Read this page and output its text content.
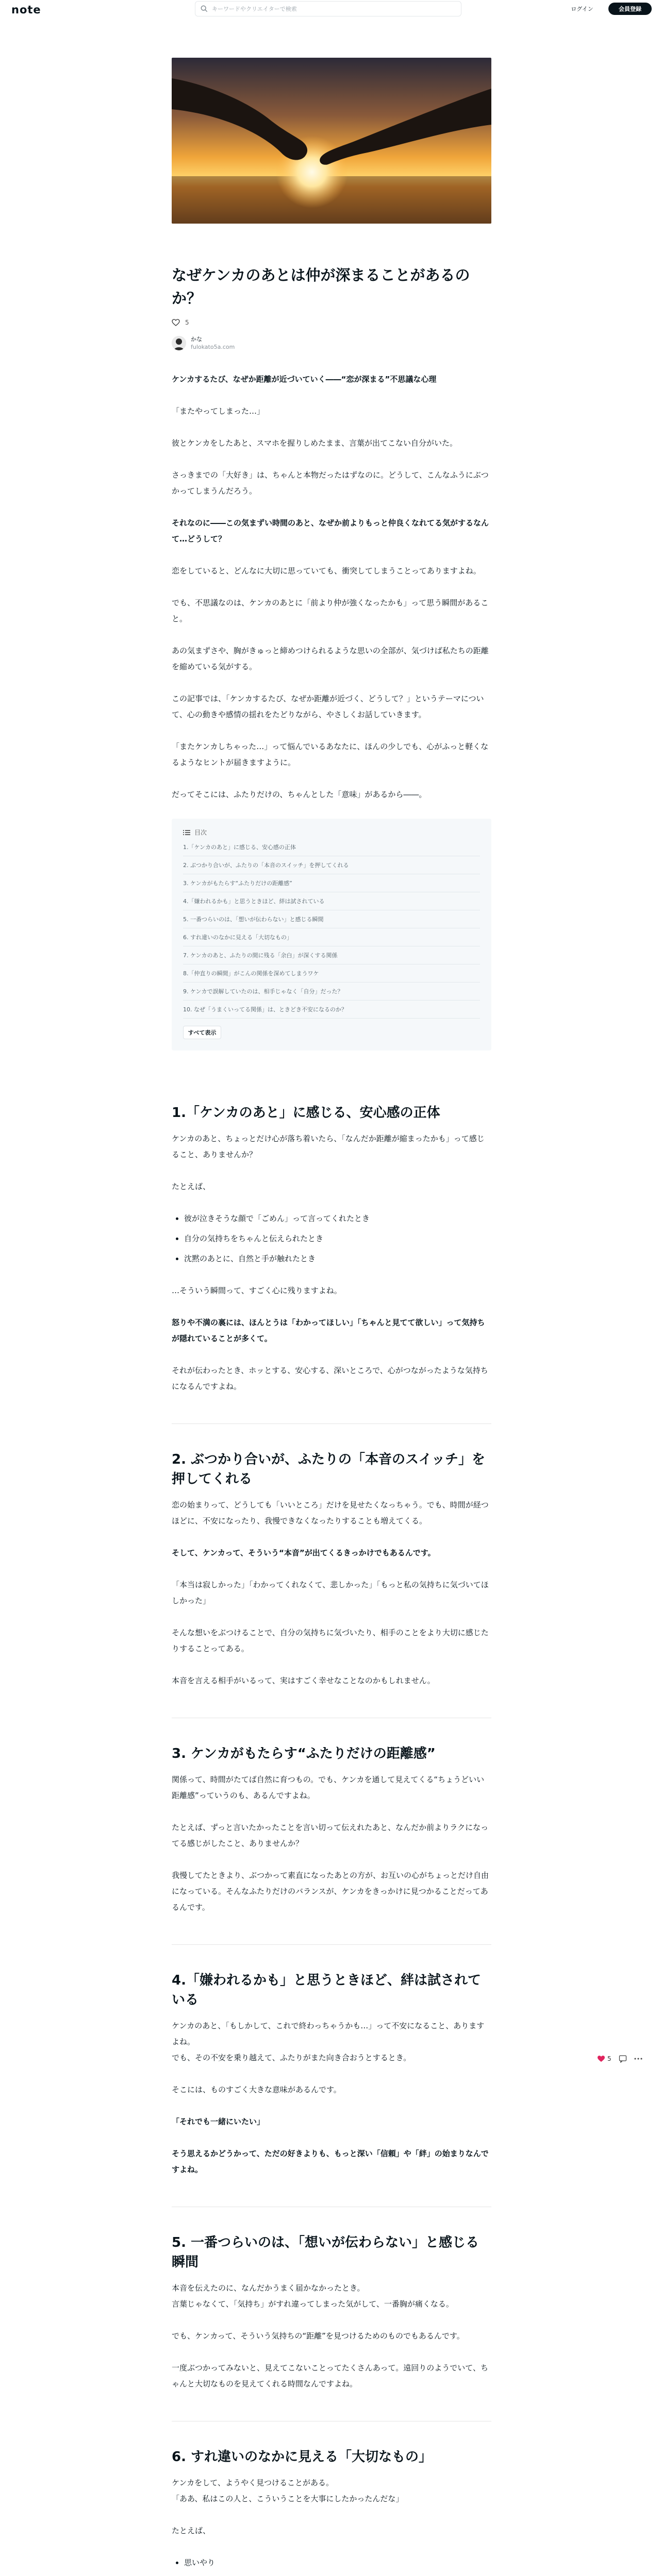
note
キーワードやクリエイターで検索	ログイン	会員登録
なぜケンカのあとは仲が深まることがあるのか？
5
かな
fulokato5a.com

ケンカするたび、なぜか距離が近づいていく――“恋が深まる”不思議な心理

「またやってしまった…」

彼とケンカをしたあと、スマホを握りしめたまま、言葉が出てこない自分がいた。

さっきまでの「大好き」は、ちゃんと本物だったはずなのに。どうして、こんなふうにぶつかってしまうんだろう。

それなのに――この気まずい時間のあと、なぜか前よりもっと仲良くなれてる気がするなんて…どうして？

恋をしていると、どんなに大切に思っていても、衝突してしまうことってありますよね。

でも、不思議なのは、ケンカのあとに「前より仲が強くなったかも」って思う瞬間があること。

あの気まずさや、胸がきゅっと締めつけられるような思いの全部が、気づけば私たちの距離を縮めている気がする。

この記事では、「ケンカするたび、なぜか距離が近づく、どうして？」というテーマについて、心の動きや感情の揺れをたどりながら、やさしくお話していきます。

「またケンカしちゃった…」って悩んでいるあなたに、ほんの少しでも、心がふっと軽くなるようなヒントが届きますように。

だってそこには、ふたりだけの、ちゃんとした「意味」があるから――。

目次
1.「ケンカのあと」に感じる、安心感の正体
2. ぶつかり合いが、ふたりの「本音のスイッチ」を押してくれる
3. ケンカがもたらす“ふたりだけの距離感”
4.「嫌われるかも」と思うときほど、絆は試されている
5. 一番つらいのは、「想いが伝わらない」と感じる瞬間
6. すれ違いのなかに見える「大切なもの」
7. ケンカのあと、ふたりの間に残る「余白」が深くする関係
8.「仲直りの瞬間」がこんの関係を深めてしまうワケ
9. ケンカで誤解していたのは、相手じゃなく「自分」だった？
10. なぜ「うまくいってる関係」は、ときどき不安になるのか？
すべて表示
1.「ケンカのあと」に感じる、安心感の正体

ケンカのあと、ちょっとだけ心が落ち着いたら、「なんだか距離が縮まったかも」って感じること、ありませんか？

たとえば、

• 彼が泣きそうな顔で「ごめん」って言ってくれたとき
• 自分の気持ちをちゃんと伝えられたとき
• 沈黙のあとに、自然と手が触れたとき

…そういう瞬間って、すごく心に残りますよね。

怒りや不満の裏には、ほんとうは「わかってほしい」「ちゃんと見てて欲しい」って気持ちが隠れていることが多くて。

それが伝わったとき、ホッとする、安心する、深いところで、心がつながったような気持ちになるんですよね。

2. ぶつかり合いが、ふたりの「本音のスイッチ」を押してくれる

恋の始まりって、どうしても「いいところ」だけを見せたくなっちゃう。でも、時間が経つほどに、不安になったり、我慢できなくなったりすることも増えてくる。

そして、ケンカって、そういう“本音”が出てくるきっかけでもあるんです。

「本当は寂しかった」「わかってくれなくて、悲しかった」「もっと私の気持ちに気づいてほしかった」

そんな想いをぶつけることで、自分の気持ちに気づいたり、相手のことをより大切に感じたりすることってある。

本音を言える相手がいるって、実はすごく幸せなことなのかもしれません。

3. ケンカがもたらす“ふたりだけの距離感”

関係って、時間がたてば自然に育つもの。でも、ケンカを通して見えてくる“ちょうどいい距離感”っていうのも、あるんですよね。

たとえば、ずっと言いたかったことを言い切って伝えれたあと、なんだか前よりラクになってる感じがしたこと、ありませんか？

我慢してたときより、ぶつかって素直になったあとの方が、お互いの心がちょっとだけ自由になっている。そんなふたりだけのバランスが、ケンカをきっかけに見つかることだってあるんです。

4.「嫌われるかも」と思うときほど、絆は試されている

ケンカのあと、「もしかして、これで終わっちゃうかも…」って不安になること、ありますよね。
でも、その不安を乗り越えて、ふたりがまた向き合おうとするとき。

そこには、ものすごく大きな意味があるんです。

「それでも一緒にいたい」

そう思えるかどうかって、ただの好きよりも、もっと深い「信頼」や「絆」の始まりなんですよね。

5. 一番つらいのは、「想いが伝わらない」と感じる瞬間

本音を伝えたのに、なんだかうまく届かなかったとき。
言葉じゃなくて、「気持ち」がすれ違ってしまった気がして、一番胸が痛くなる。

でも、ケンカって、そういう気持ちの“距離”を見つけるためのものでもあるんです。

一度ぶつかってみないと、見えてこないことってたくさんあって。遠回りのようでいて、ちゃんと大切なものを見えてくれる時間なんですよね。

6. すれ違いのなかに見える「大切なもの」

ケンカをして、ようやく見つけることがある。
「ああ、私はこの人と、こういうことを大事にしたかったんだな」

たとえば、

• 思いやり
•

5
